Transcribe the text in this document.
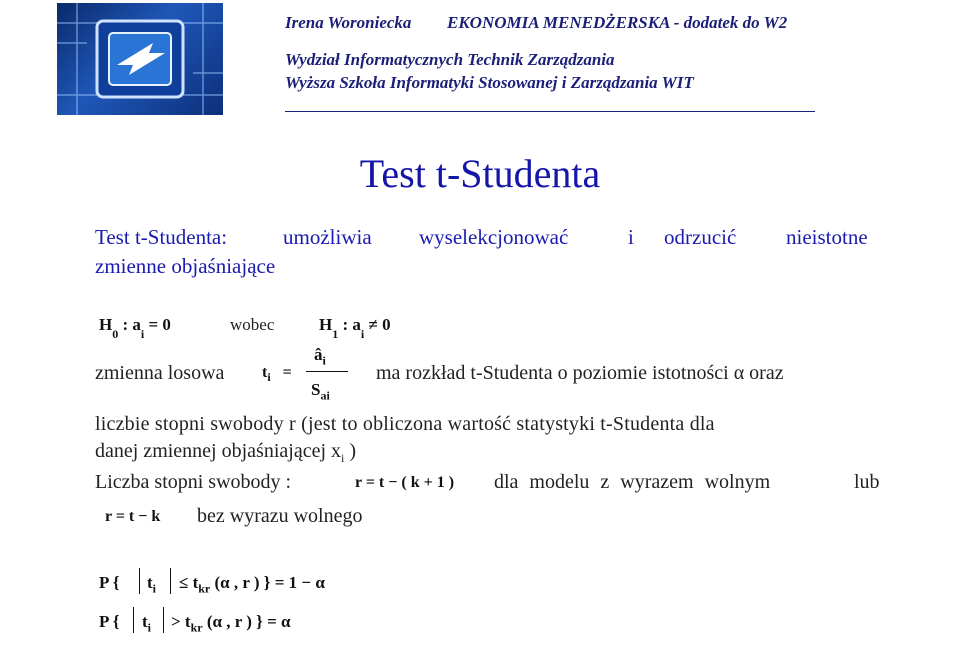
Irena Woroniecka EKONOMIA MENEDŻERSKA - dodatek do W2
Wydział Informatycznych Technik Zarządzania
Wyższa Szkoła Informatyki Stosowanej i Zarządzania WIT
Test t-Studenta
Test t-Studenta:	umożliwia wyselekcjonować	i odrzucić nieistotne
zmienne objaśniające
$H_0$ : $a_i = 0$	wobec	$H_1$ : $a_i \ne 0$
zmienna losowa $t_i$ =
$â_i$
$S_{ai}$
ma rozkład t-Studenta o poziomie istotności α oraz
liczbie stopni swobody r (jest to obliczona wartość statystyki t-Studenta dla
danej zmiennej objaśniającej $x_i$ )
Liczba stopni swobody :	r = t − ( k + 1 ) dla modelu z wyrazem wolnym	lub
r = t − k bez wyrazu wolnego
P { $t_i \le t_{kr}$ (α , r ) } = 1 − α
P { $t_i > t_{kr}$ (α , r ) } = α
